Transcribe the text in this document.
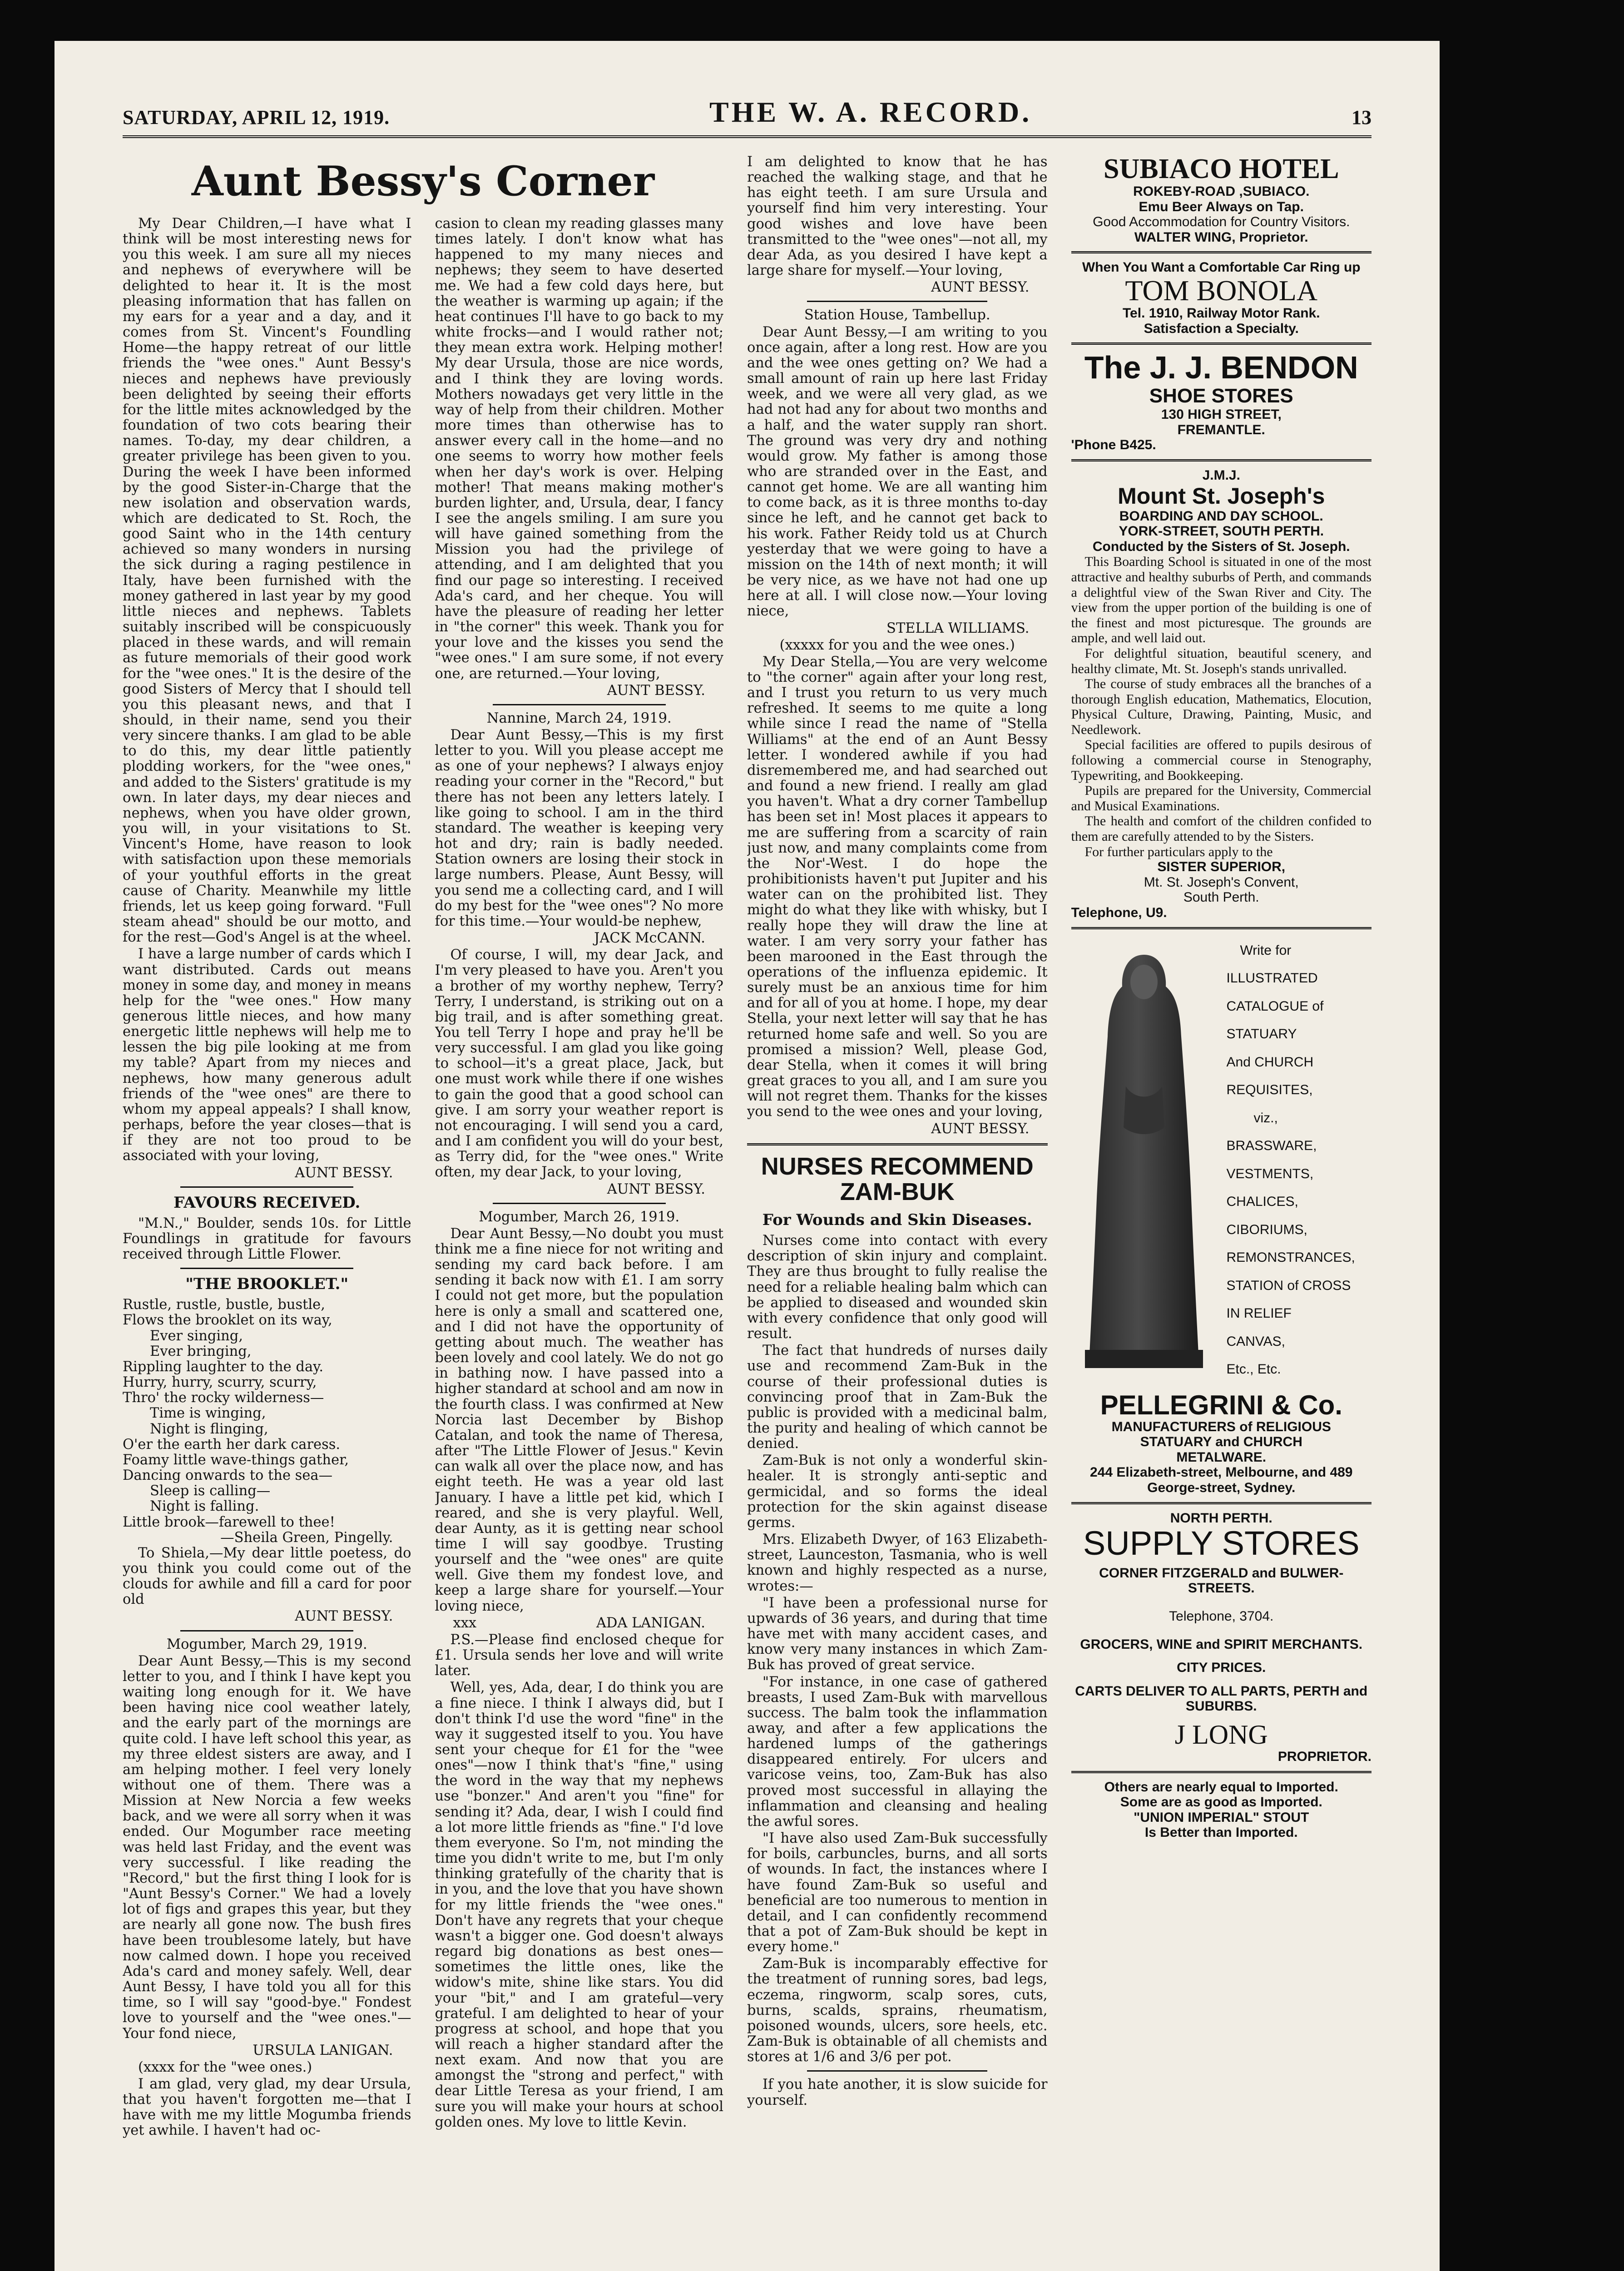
SATURDAY, APRIL 12, 1919.	THE W. A. RECORD.	13
Aunt Bessy's Corner

My Dear Children,—I have what I think will be most interesting news for you this week. I am sure all my nieces and nephews of everywhere will be delighted to hear it. It is the most pleasing information that has fallen on my ears for a year and a day, and it comes from St. Vincent's Foundling Home—the happy retreat of our little friends the "wee ones." Aunt Bessy's nieces and nephews have previously been delighted by seeing their efforts for the little mites acknowledged by the foundation of two cots bearing their names. To-day, my dear children, a greater privilege has been given to you. During the week I have been informed by the good Sister-in-Charge that the new isolation and observation wards, which are dedicated to St. Roch, the good Saint who in the 14th century achieved so many wonders in nursing the sick during a raging pestilence in Italy, have been furnished with the money gathered in last year by my good little nieces and nephews. Tablets suitably inscribed will be conspicuously placed in these wards, and will remain as future memorials of their good work for the "wee ones." It is the desire of the good Sisters of Mercy that I should tell you this pleasant news, and that I should, in their name, send you their very sincere thanks. I am glad to be able to do this, my dear little patiently plodding workers, for the "wee ones," and added to the Sisters' gratitude is my own. In later days, my dear nieces and nephews, when you have older grown, you will, in your visitations to St. Vincent's Home, have reason to look with satisfaction upon these memorials of your youthful efforts in the great cause of Charity. Meanwhile my little friends, let us keep going forward. "Full steam ahead" should be our motto, and for the rest—God's Angel is at the wheel.

I have a large number of cards which I want distributed. Cards out means money in some day, and money in means help for the "wee ones." How many generous little nieces, and how many energetic little nephews will help me to lessen the big pile looking at me from my table? Apart from my nieces and nephews, how many generous adult friends of the "wee ones" are there to whom my appeal appeals? I shall know, perhaps, before the year closes—that is if they are not too proud to be associated with your loving,

AUNT BESSY.

FAVOURS RECEIVED.

"M.N.," Boulder, sends 10s. for Little Foundlings in gratitude for favours received through Little Flower.

"THE BROOKLET."

Rustle, rustle, bustle, bustle,

Flows the brooklet on its way,

Ever singing,

Ever bringing,

Rippling laughter to the day.

Hurry, hurry, scurry, scurry,

Thro' the rocky wilderness—

Time is winging,

Night is flinging,

O'er the earth her dark caress.

Foamy little wave-things gather,

Dancing onwards to the sea—

Sleep is calling—

Night is falling.

Little brook—farewell to thee!

—Sheila Green, Pingelly.

To Shiela,—My dear little poetess, do you think you could come out of the clouds for awhile and fill a card for poor old

AUNT BESSY.

Mogumber, March 29, 1919.

Dear Aunt Bessy,—This is my second letter to you, and I think I have kept you waiting long enough for it. We have been having nice cool weather lately, and the early part of the mornings are quite cold. I have left school this year, as my three eldest sisters are away, and I am helping mother. I feel very lonely without one of them. There was a Mission at New Norcia a few weeks back, and we were all sorry when it was ended. Our Mogumber race meeting was held last Friday, and the event was very successful. I like reading the "Record," but the first thing I look for is "Aunt Bessy's Corner." We had a lovely lot of figs and grapes this year, but they are nearly all gone now. The bush fires have been troublesome lately, but have now calmed down. I hope you received Ada's card and money safely. Well, dear Aunt Bessy, I have told you all for this time, so I will say "good-bye." Fondest love to yourself and the "wee ones."—Your fond niece,

URSULA LANIGAN.

(xxxx for the "wee ones.)

I am glad, very glad, my dear Ursula, that you haven't forgotten me—that I have with me my little Mogumba friends yet awhile. I haven't had oc-

casion to clean my reading glasses many times lately. I don't know what has happened to my many nieces and nephews; they seem to have deserted me. We had a few cold days here, but the weather is warming up again; if the heat continues I'll have to go back to my white frocks—and I would rather not; they mean extra work. Helping mother! My dear Ursula, those are nice words, and I think they are loving words. Mothers nowadays get very little in the way of help from their children. Mother more times than otherwise has to answer every call in the home—and no one seems to worry how mother feels when her day's work is over. Helping mother! That means making mother's burden lighter, and, Ursula, dear, I fancy I see the angels smiling. I am sure you will have gained something from the Mission you had the privilege of attending, and I am delighted that you find our page so interesting. I received Ada's card, and her cheque. You will have the pleasure of reading her letter in "the corner" this week. Thank you for your love and the kisses you send the "wee ones." I am sure some, if not every one, are returned.—Your loving,

AUNT BESSY.

Nannine, March 24, 1919.

Dear Aunt Bessy,—This is my first letter to you. Will you please accept me as one of your nephews? I always enjoy reading your corner in the "Record," but there has not been any letters lately. I like going to school. I am in the third standard. The weather is keeping very hot and dry; rain is badly needed. Station owners are losing their stock in large numbers. Please, Aunt Bessy, will you send me a collecting card, and I will do my best for the "wee ones"? No more for this time.—Your would-be nephew,

JACK McCANN.

Of course, I will, my dear Jack, and I'm very pleased to have you. Aren't you a brother of my worthy nephew, Terry? Terry, I understand, is striking out on a big trail, and is after something great. You tell Terry I hope and pray he'll be very successful. I am glad you like going to school—it's a great place, Jack, but one must work while there if one wishes to gain the good that a good school can give. I am sorry your weather report is not encouraging. I will send you a card, and I am confident you will do your best, as Terry did, for the "wee ones." Write often, my dear Jack, to your loving,

AUNT BESSY.

Mogumber, March 26, 1919.

Dear Aunt Bessy,—No doubt you must think me a fine niece for not writing and sending my card back before. I am sending it back now with £1. I am sorry I could not get more, but the population here is only a small and scattered one, and I did not have the opportunity of getting about much. The weather has been lovely and cool lately. We do not go in bathing now. I have passed into a higher standard at school and am now in the fourth class. I was confirmed at New Norcia last December by Bishop Catalan, and took the name of Theresa, after "The Little Flower of Jesus." Kevin can walk all over the place now, and has eight teeth. He was a year old last January. I have a little pet kid, which I reared, and she is very playful. Well, dear Aunty, as it is getting near school time I will say goodbye. Trusting yourself and the "wee ones" are quite well. Give them my fondest love, and keep a large share for yourself.—Your loving niece,

xxx	ADA LANIGAN.

P.S.—Please find enclosed cheque for £1. Ursula sends her love and will write later.

Well, yes, Ada, dear, I do think you are a fine niece. I think I always did, but I don't think I'd use the word "fine" in the way it suggested itself to you. You have sent your cheque for £1 for the "wee ones"—now I think that's "fine," using the word in the way that my nephews use "bonzer." And aren't you "fine" for sending it? Ada, dear, I wish I could find a lot more little friends as "fine." I'd love them everyone. So I'm, not minding the time you didn't write to me, but I'm only thinking gratefully of the charity that is in you, and the love that you have shown for my little friends the "wee ones." Don't have any regrets that your cheque wasn't a bigger one. God doesn't always regard big donations as best ones—sometimes the little ones, like the widow's mite, shine like stars. You did your "bit," and I am grateful—very grateful. I am delighted to hear of your progress at school, and hope that you will reach a higher standard after the next exam. And now that you are amongst the "strong and perfect," with dear Little Teresa as your friend, I am sure you will make your hours at school golden ones. My love to little Kevin.

I am delighted to know that he has reached the walking stage, and that he has eight teeth. I am sure Ursula and yourself find him very interesting. Your good wishes and love have been transmitted to the "wee ones"—not all, my dear Ada, as you desired I have kept a large share for myself.—Your loving,

AUNT BESSY.

Station House, Tambellup.

Dear Aunt Bessy,—I am writing to you once again, after a long rest. How are you and the wee ones getting on? We had a small amount of rain up here last Friday week, and we were all very glad, as we had not had any for about two months and a half, and the water supply ran short. The ground was very dry and nothing would grow. My father is among those who are stranded over in the East, and cannot get home. We are all wanting him to come back, as it is three months to-day since he left, and he cannot get back to his work. Father Reidy told us at Church yesterday that we were going to have a mission on the 14th of next month; it will be very nice, as we have not had one up here at all. I will close now.—Your loving niece,

STELLA WILLIAMS.

(xxxxx for you and the wee ones.)

My Dear Stella,—You are very welcome to "the corner" again after your long rest, and I trust you return to us very much refreshed. It seems to me quite a long while since I read the name of "Stella Williams" at the end of an Aunt Bessy letter. I wondered awhile if you had disremembered me, and had searched out and found a new friend. I really am glad you haven't. What a dry corner Tambellup has been set in! Most places it appears to me are suffering from a scarcity of rain just now, and many complaints come from the Nor'-West. I do hope the prohibitionists haven't put Jupiter and his water can on the prohibited list. They might do what they like with whisky, but I really hope they will draw the line at water. I am very sorry your father has been marooned in the East through the operations of the influenza epidemic. It surely must be an anxious time for him and for all of you at home. I hope, my dear Stella, your next letter will say that he has returned home safe and well. So you are promised a mission? Well, please God, dear Stella, when it comes it will bring great graces to you all, and I am sure you will not regret them. Thanks for the kisses you send to the wee ones and your loving,

AUNT BESSY.

NURSES RECOMMEND ZAM-BUK

For Wounds and Skin Diseases.

Nurses come into contact with every description of skin injury and complaint. They are thus brought to fully realise the need for a reliable healing balm which can be applied to diseased and wounded skin with every confidence that only good will result.

The fact that hundreds of nurses daily use and recommend Zam-Buk in the course of their professional duties is convincing proof that in Zam-Buk the public is provided with a medicinal balm, the purity and healing of which cannot be denied.

Zam-Buk is not only a wonderful skin-healer. It is strongly anti-septic and germicidal, and so forms the ideal protection for the skin against disease germs.

Mrs. Elizabeth Dwyer, of 163 Elizabeth-street, Launceston, Tasmania, who is well known and highly respected as a nurse, wrotes:—

"I have been a professional nurse for upwards of 36 years, and during that time have met with many accident cases, and know very many instances in which Zam-Buk has proved of great service.

"For instance, in one case of gathered breasts, I used Zam-Buk with marvellous success. The balm took the inflammation away, and after a few applications the hardened lumps of the gatherings disappeared entirely. For ulcers and varicose veins, too, Zam-Buk has also proved most successful in allaying the inflammation and cleansing and healing the awful sores.

"I have also used Zam-Buk successfully for boils, carbuncles, burns, and all sorts of wounds. In fact, the instances where I have found Zam-Buk so useful and beneficial are too numerous to mention in detail, and I can confidently recommend that a pot of Zam-Buk should be kept in every home."

Zam-Buk is incomparably effective for the treatment of running sores, bad legs, eczema, ringworm, scalp sores, cuts, burns, scalds, sprains, rheumatism, poisoned wounds, ulcers, sore heels, etc. Zam-Buk is obtainable of all chemists and stores at 1/6 and 3/6 per pot.

If you hate another, it is slow suicide for yourself.

SUBIACO HOTEL

ROKEBY-ROAD ,SUBIACO.

Emu Beer Always on Tap.

Good Accommodation for Country Visitors.

WALTER WING, Proprietor.

When You Want a Comfortable Car Ring up

TOM BONOLA

Tel. 1910, Railway Motor Rank.

Satisfaction a Specialty.

The J. J. BENDON

SHOE STORES

130 HIGH STREET,

FREMANTLE.

'Phone B425.

J.M.J.

Mount St. Joseph's

BOARDING AND DAY SCHOOL.

YORK-STREET, SOUTH PERTH.

Conducted by the Sisters of St. Joseph.

This Boarding School is situated in one of the most attractive and healthy suburbs of Perth, and commands a delightful view of the Swan River and City. The view from the upper portion of the building is one of the finest and most picturesque. The grounds are ample, and well laid out.

For delightful situation, beautiful scenery, and healthy climate, Mt. St. Joseph's stands unrivalled.

The course of study embraces all the branches of a thorough English education, Mathematics, Elocution, Physical Culture, Drawing, Painting, Music, and Needlework.

Special facilities are offered to pupils desirous of following a commercial course in Stenography, Typewriting, and Bookkeeping.

Pupils are prepared for the University, Commercial and Musical Examinations.

The health and comfort of the children confided to them are carefully attended to by the Sisters.

For further particulars apply to the

SISTER SUPERIOR,

Mt. St. Joseph's Convent,

South Perth.

Telephone, U9.

Write for
ILLUSTRATED
CATALOGUE of
STATUARY
And CHURCH
REQUISITES,
viz.,
BRASSWARE,
VESTMENTS,
CHALICES,
CIBORIUMS,
REMONSTRANCES,
STATION of CROSS
IN RELIEF
CANVAS,
Etc., Etc.

PELLEGRINI & Co.

MANUFACTURERS of RELIGIOUS

STATUARY and CHURCH

METALWARE.

244 Elizabeth-street, Melbourne, and 489 George-street, Sydney.

NORTH PERTH.

SUPPLY STORES

CORNER FITZGERALD and BULWER-STREETS.

Telephone, 3704.

GROCERS, WINE and SPIRIT MERCHANTS.

CITY PRICES.

CARTS DELIVER TO ALL PARTS, PERTH and SUBURBS.

J LONG

PROPRIETOR.

Others are nearly equal to Imported.

Some are as good as Imported.

"UNION IMPERIAL" STOUT

Is Better than Imported.
